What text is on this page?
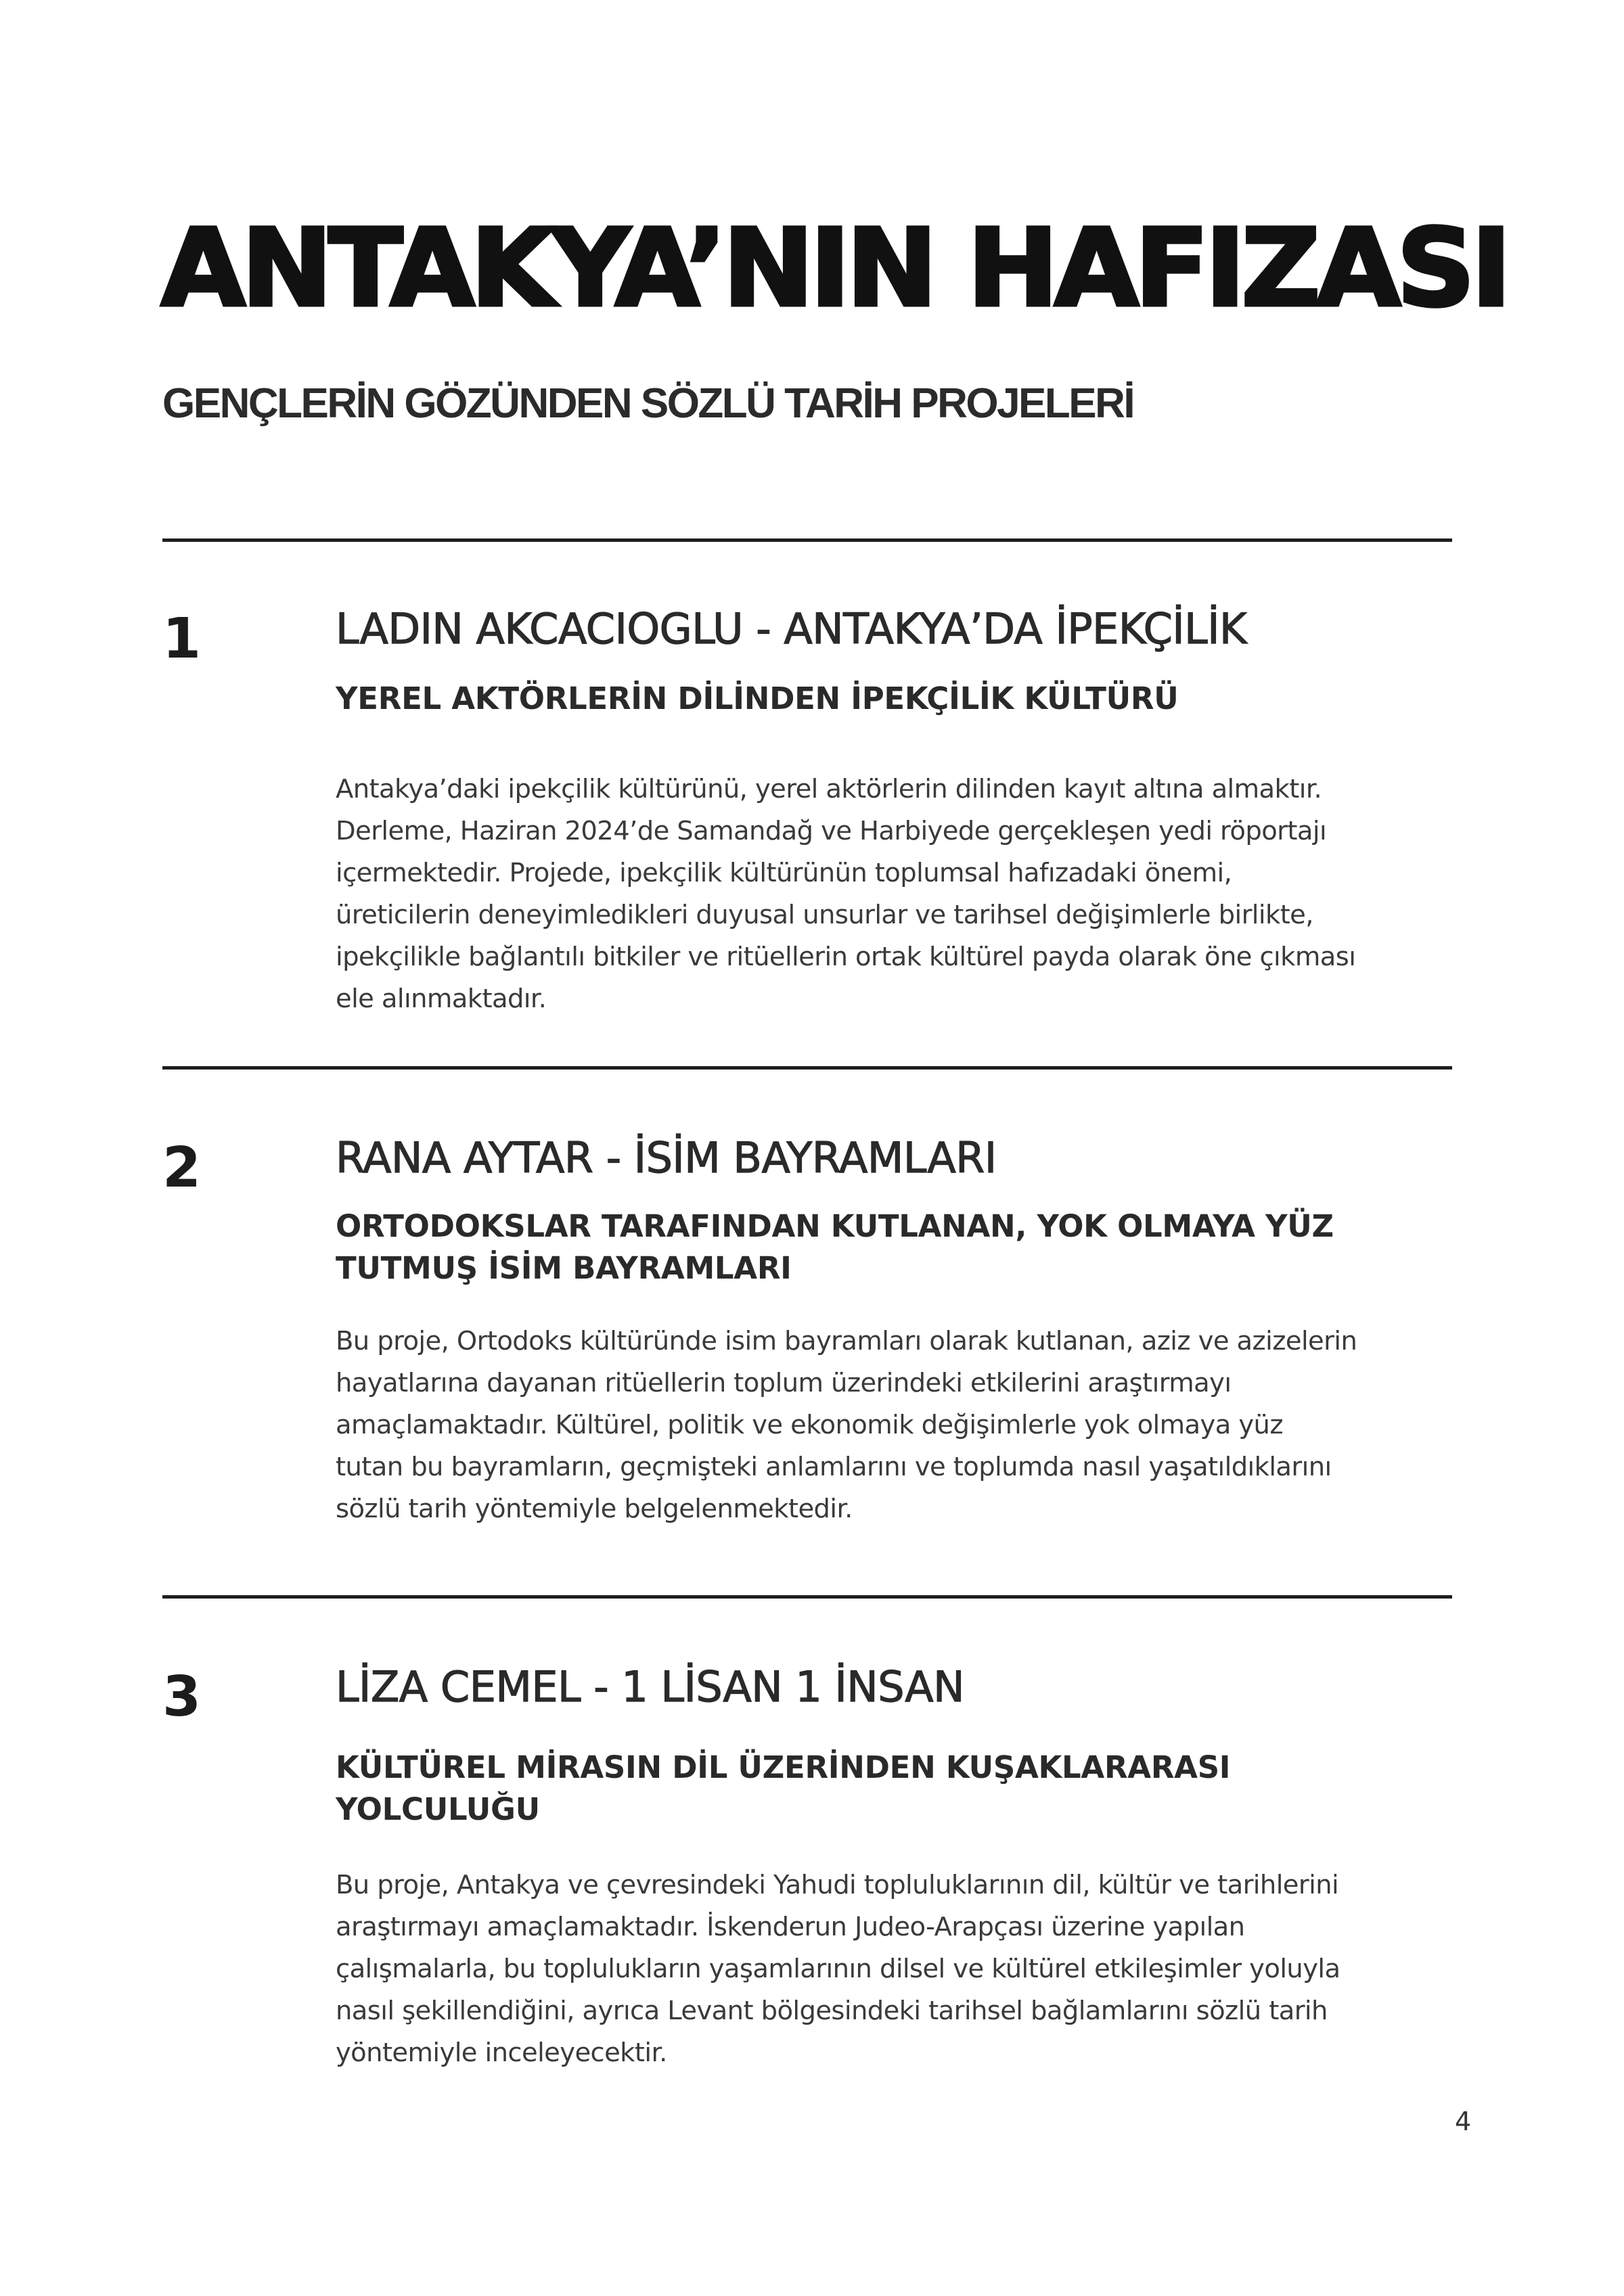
ANTAKYA’NIN HAFIZASI
GENÇLERİN GÖZÜNDEN SÖZLÜ TARİH PROJELERİ
1	LADIN AKCACIOGLU - ANTAKYA’DA İPEKÇİLİK
YEREL AKTÖRLERİN DİLİNDEN İPEKÇİLİK KÜLTÜRÜ
Antakya’daki ipekçilik kültürünü, yerel aktörlerin dilinden kayıt altına almaktır.
Derleme, Haziran 2024’de Samandağ ve Harbiyede gerçekleşen yedi röportajı
içermektedir. Projede, ipekçilik kültürünün toplumsal hafızadaki önemi,
üreticilerin deneyimledikleri duyusal unsurlar ve tarihsel değişimlerle birlikte,
ipekçilikle bağlantılı bitkiler ve ritüellerin ortak kültürel payda olarak öne çıkması
ele alınmaktadır.
2	RANA AYTAR - İSİM BAYRAMLARI
ORTODOKSLAR TARAFINDAN KUTLANAN, YOK OLMAYA YÜZ
TUTMUŞ İSİM BAYRAMLARI
Bu proje, Ortodoks kültüründe isim bayramları olarak kutlanan, aziz ve azizelerin
hayatlarına dayanan ritüellerin toplum üzerindeki etkilerini araştırmayı
amaçlamaktadır. Kültürel, politik ve ekonomik değişimlerle yok olmaya yüz
tutan bu bayramların, geçmişteki anlamlarını ve toplumda nasıl yaşatıldıklarını
sözlü tarih yöntemiyle belgelenmektedir.
3	LİZA CEMEL - 1 LİSAN 1 İNSAN
KÜLTÜREL MİRASIN DİL ÜZERİNDEN KUŞAKLARARASI
YOLCULUĞU
Bu proje, Antakya ve çevresindeki Yahudi topluluklarının dil, kültür ve tarihlerini
araştırmayı amaçlamaktadır. İskenderun Judeo-Arapçası üzerine yapılan
çalışmalarla, bu toplulukların yaşamlarının dilsel ve kültürel etkileşimler yoluyla
nasıl şekillendiğini, ayrıca Levant bölgesindeki tarihsel bağlamlarını sözlü tarih
yöntemiyle inceleyecektir.
4
